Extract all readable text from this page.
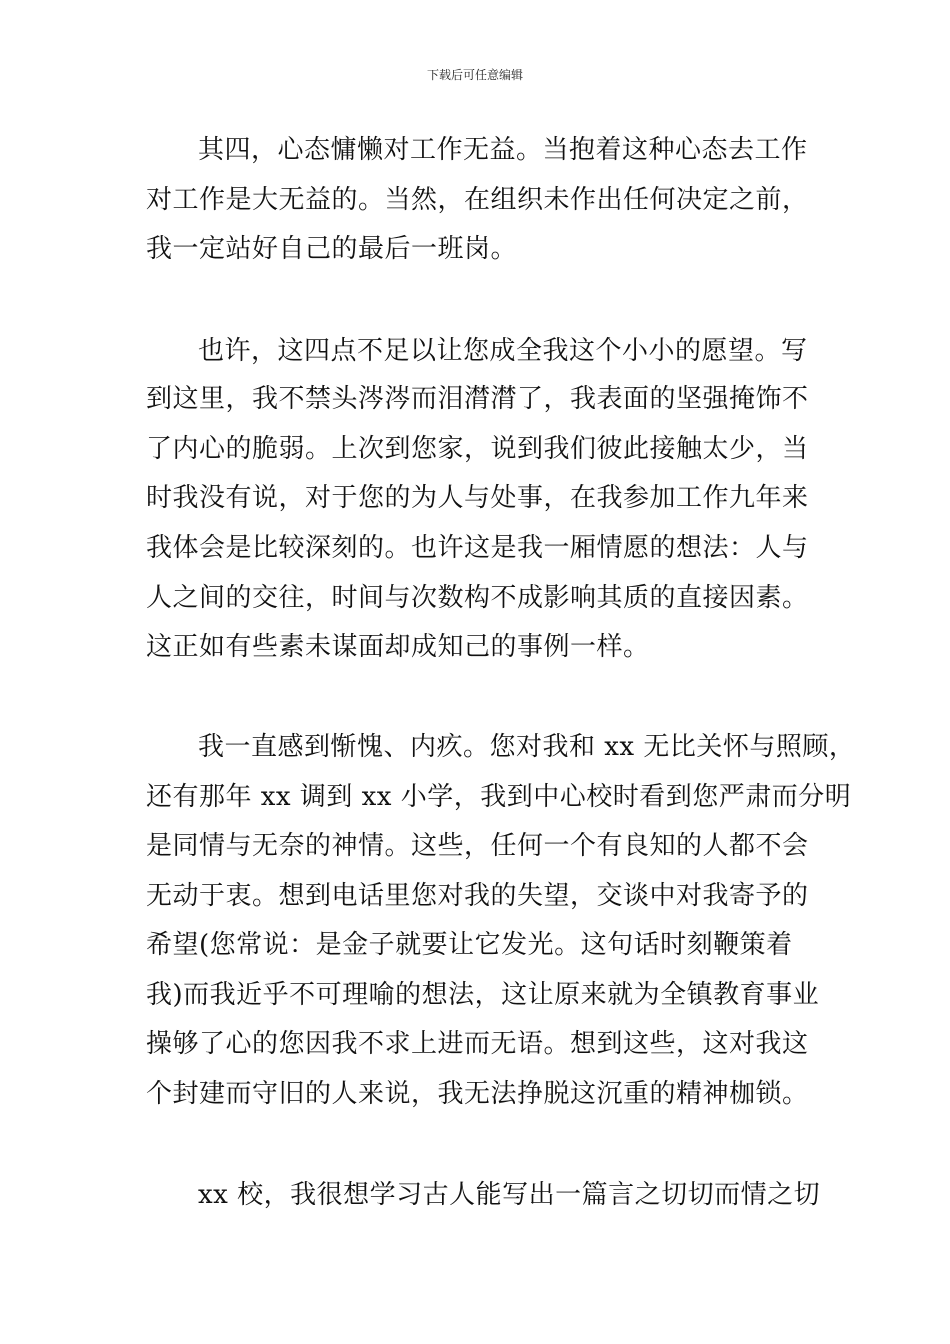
下载后可任意编辑
其四，心态慵懒对工作无益。当抱着这种心态去工作
对工作是大无益的。当然，在组织未作出任何决定之前，
我一定站好自己的最后一班岗。
也许，这四点不足以让您成全我这个小小的愿望。写
到这里，我不禁头涔涔而泪潸潸了，我表面的坚强掩饰不
了内心的脆弱。上次到您家，说到我们彼此接触太少，当
时我没有说，对于您的为人与处事，在我参加工作九年来
我体会是比较深刻的。也许这是我一厢情愿的想法：人与
人之间的交往，时间与次数构不成影响其质的直接因素。
这正如有些素未谋面却成知己的事例一样。
我一直感到惭愧、内疚。您对我和 xx 无比关怀与照顾，
还有那年 xx 调到 xx 小学，我到中心校时看到您严肃而分明
是同情与无奈的神情。这些，任何一个有良知的人都不会
无动于衷。想到电话里您对我的失望，交谈中对我寄予的
希望(您常说：是金子就要让它发光。这句话时刻鞭策着
我)而我近乎不可理喻的想法，这让原来就为全镇教育事业
操够了心的您因我不求上进而无语。想到这些，这对我这
个封建而守旧的人来说，我无法挣脱这沉重的精神枷锁。
xx 校，我很想学习古人能写出一篇言之切切而情之切
